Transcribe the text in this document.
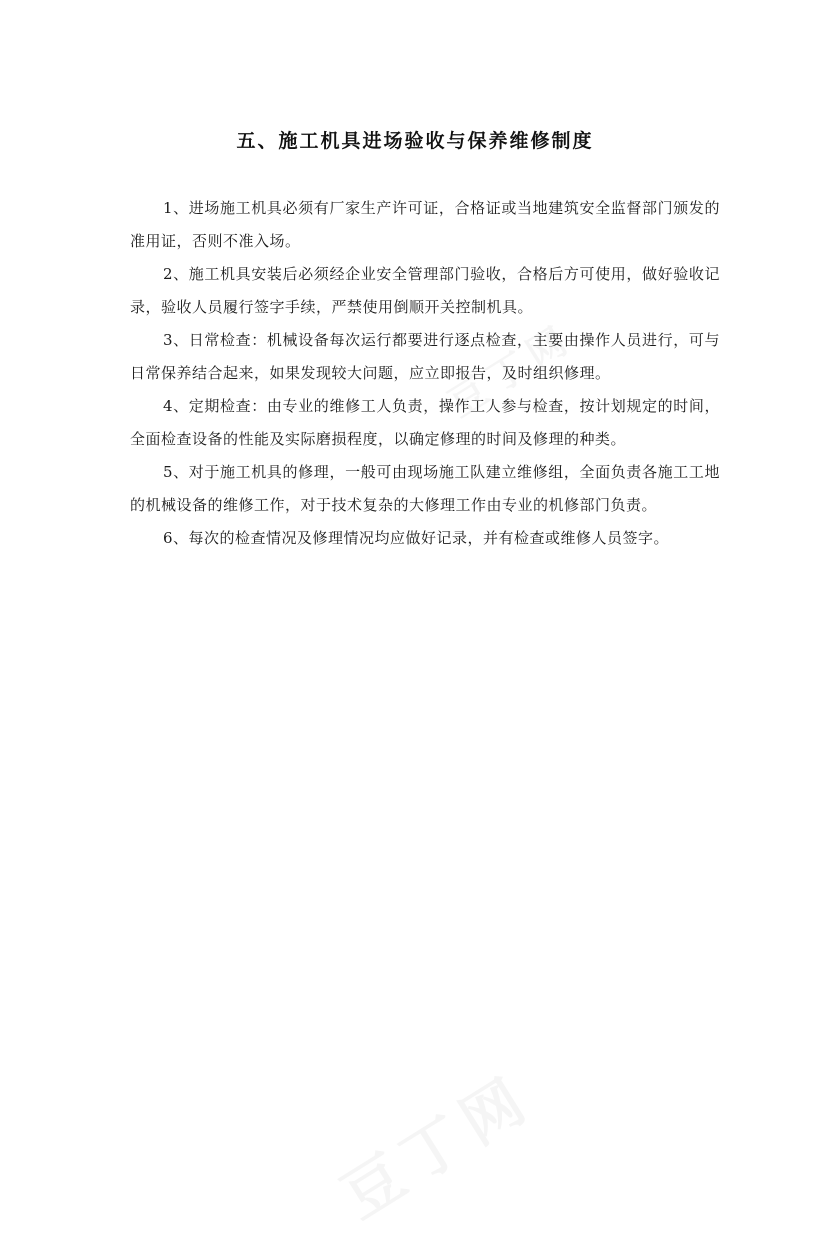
豆丁网
豆丁网
五、施工机具进场验收与保养维修制度

1、进场施工机具必须有厂家生产许可证，合格证或当地建筑安全监督部门颁发的准用证，否则不准入场。

2、施工机具安装后必须经企业安全管理部门验收，合格后方可使用，做好验收记录，验收人员履行签字手续，严禁使用倒顺开关控制机具。

3、日常检查：机械设备每次运行都要进行逐点检查，主要由操作人员进行，可与日常保养结合起来，如果发现较大问题，应立即报告，及时组织修理。

4、定期检查：由专业的维修工人负责，操作工人参与检查，按计划规定的时间，全面检查设备的性能及实际磨损程度，以确定修理的时间及修理的种类。

5、对于施工机具的修理，一般可由现场施工队建立维修组，全面负责各施工工地的机械设备的维修工作，对于技术复杂的大修理工作由专业的机修部门负责。

6、每次的检查情况及修理情况均应做好记录，并有检查或维修人员签字。
